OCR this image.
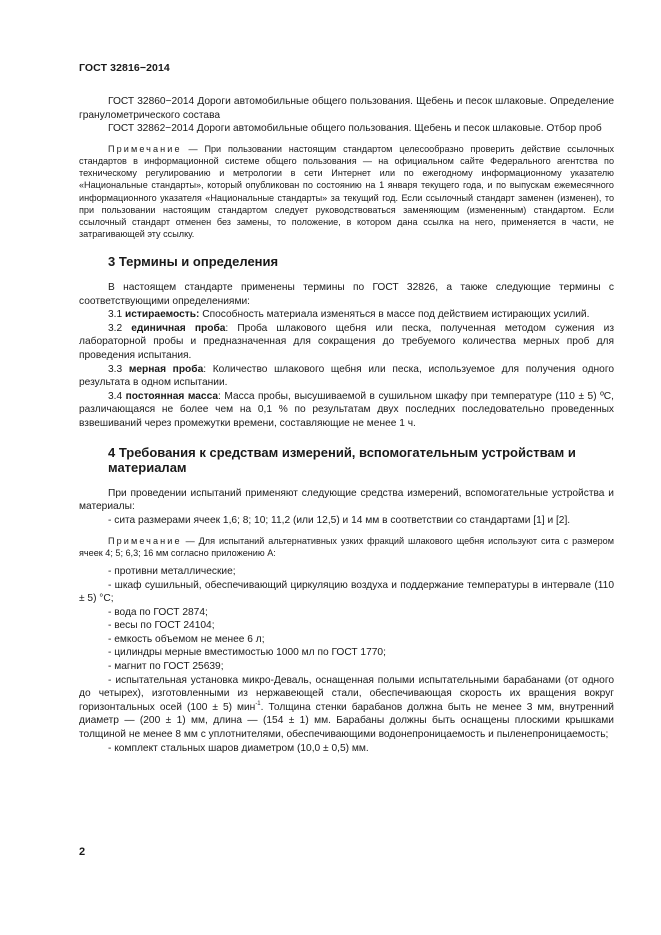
ГОСТ 32816−2014

ГОСТ 32860−2014 Дороги автомобильные общего пользования. Щебень и песок шлаковые. Определение гранулометрического состава

ГОСТ 32862−2014 Дороги автомобильные общего пользования. Щебень и песок шлаковые. Отбор проб

Примечание — При пользовании настоящим стандартом целесообразно проверить действие ссылочных стандартов в информационной системе общего пользования — на официальном сайте Федерального агентства по техническому регулированию и метрологии в сети Интернет или по ежегодному информационному указателю «Национальные стандарты», который опубликован по состоянию на 1 января текущего года, и по выпускам ежемесячного информационного указателя «Национальные стандарты» за текущий год. Если ссылочный стандарт заменен (изменен), то при пользовании настоящим стандартом следует руководствоваться заменяющим (измененным) стандартом. Если ссылочный стандарт отменен без замены, то положение, в котором дана ссылка на него, применяется в части, не затрагивающей эту ссылку.

3 Термины и определения

В настоящем стандарте применены термины по ГОСТ 32826, а также следующие термины с соответствующими определениями:

3.1 истираемость: Способность материала изменяться в массе под действием истирающих усилий.

3.2 единичная проба: Проба шлакового щебня или песка, полученная методом сужения из лабораторной пробы и предназначенная для сокращения до требуемого количества мерных проб для проведения испытания.

3.3 мерная проба: Количество шлакового щебня или песка, используемое для получения одного результата в одном испытании.

3.4 постоянная масса: Масса пробы, высушиваемой в сушильном шкафу при температуре (110 ± 5) ºС, различающаяся не более чем на 0,1 % по результатам двух последних последовательно проведенных взвешиваний через промежутки времени, составляющие не менее 1 ч.

4 Требования к средствам измерений, вспомогательным устройствам и материалам

При проведении испытаний применяют следующие средства измерений, вспомогательные устройства и материалы:

- сита размерами ячеек 1,6; 8; 10; 11,2 (или 12,5) и 14 мм в соответствии со стандартами [1] и [2].

Примечание — Для испытаний альтернативных узких фракций шлакового щебня используют сита с размером ячеек 4; 5; 6,3; 16 мм согласно приложению А:

- противни металлические;

- шкаф сушильный, обеспечивающий циркуляцию воздуха и поддержание температуры в интервале (110 ± 5) °С;

- вода по ГОСТ 2874;

- весы по ГОСТ 24104;

- емкость объемом не менее 6 л;

- цилиндры мерные вместимостью 1000 мл по ГОСТ 1770;

- магнит по ГОСТ 25639;

- испытательная установка микро-Деваль, оснащенная полыми испытательными барабанами (от одного до четырех), изготовленными из нержавеющей стали, обеспечивающая скорость их вращения вокруг горизонтальных осей (100 ± 5) мин$^{-1}$. Толщина стенки барабанов должна быть не менее 3 мм, внутренний диаметр — (200 ± 1) мм, длина — (154 ± 1) мм. Барабаны должны быть оснащены плоскими крышками толщиной не менее 8 мм с уплотнителями, обеспечивающими водонепроницаемость и пыленепроницаемость;

- комплект стальных шаров диаметром (10,0 ± 0,5) мм.

2
